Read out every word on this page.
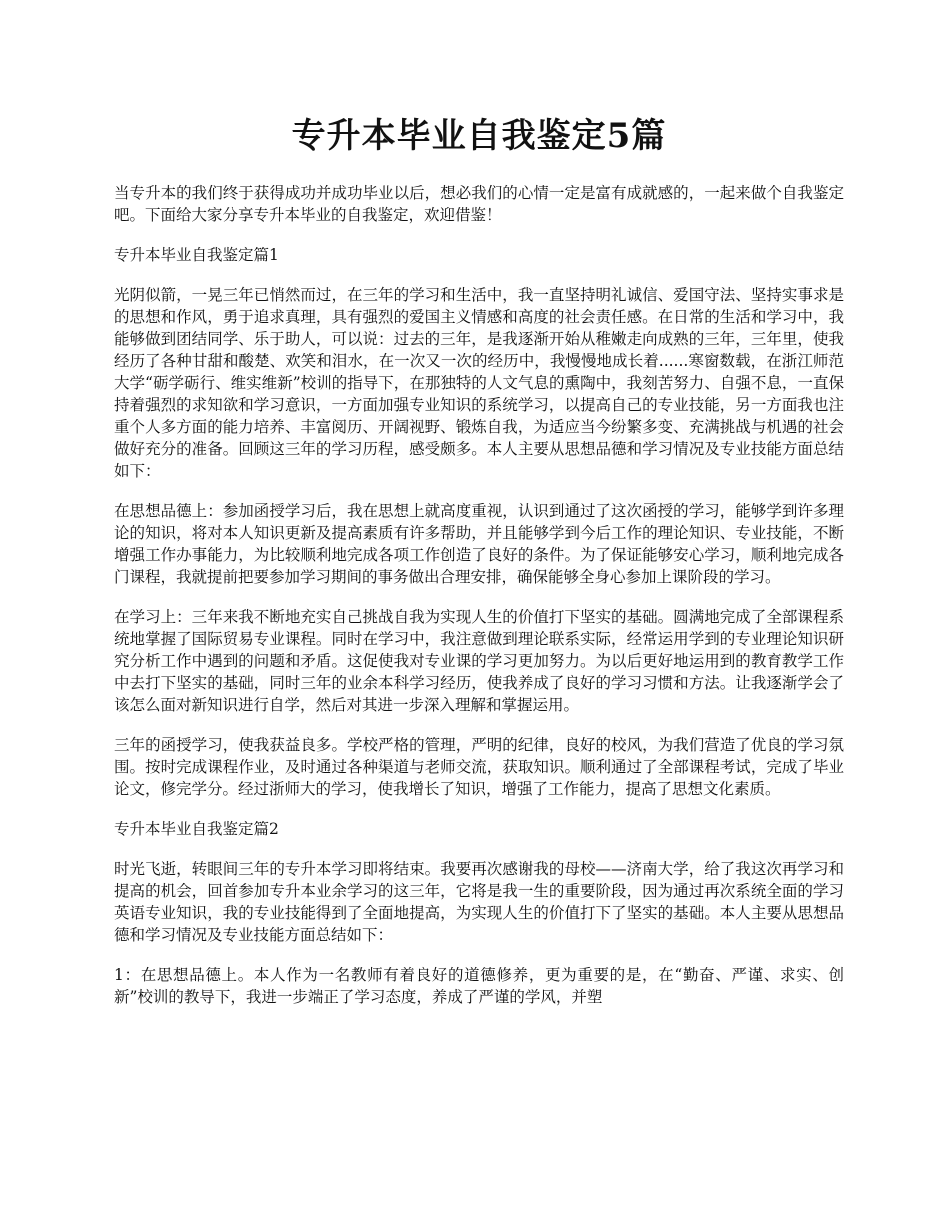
专升本毕业自我鉴定5篇

当专升本的我们终于获得成功并成功毕业以后，想必我们的心情一定是富有成就感的，一起来做个自我鉴定吧。下面给大家分享专升本毕业的自我鉴定，欢迎借鉴！

专升本毕业自我鉴定篇1

光阴似箭，一晃三年已悄然而过，在三年的学习和生活中，我一直坚持明礼诚信、爱国守法、坚持实事求是的思想和作风，勇于追求真理，具有强烈的爱国主义情感和高度的社会责任感。在日常的生活和学习中，我能够做到团结同学、乐于助人，可以说：过去的三年，是我逐渐开始从稚嫩走向成熟的三年，三年里，使我经历了各种甘甜和酸楚、欢笑和泪水，在一次又一次的经历中，我慢慢地成长着......寒窗数载，在浙江师范大学“砺学砺行、维实维新”校训的指导下，在那独特的人文气息的熏陶中，我刻苦努力、自强不息，一直保持着强烈的求知欲和学习意识，一方面加强专业知识的系统学习，以提高自己的专业技能，另一方面我也注重个人多方面的能力培养、丰富阅历、开阔视野、锻炼自我，为适应当今纷繁多变、充满挑战与机遇的社会做好充分的准备。回顾这三年的学习历程，感受颇多。本人主要从思想品德和学习情况及专业技能方面总结如下：

在思想品德上：参加函授学习后，我在思想上就高度重视，认识到通过了这次函授的学习，能够学到许多理论的知识，将对本人知识更新及提高素质有许多帮助，并且能够学到今后工作的理论知识、专业技能，不断增强工作办事能力，为比较顺利地完成各项工作创造了良好的条件。为了保证能够安心学习，顺利地完成各门课程，我就提前把要参加学习期间的事务做出合理安排，确保能够全身心参加上课阶段的学习。

在学习上：三年来我不断地充实自己挑战自我为实现人生的价值打下坚实的基础。圆满地完成了全部课程系统地掌握了国际贸易专业课程。同时在学习中，我注意做到理论联系实际，经常运用学到的专业理论知识研究分析工作中遇到的问题和矛盾。这促使我对专业课的学习更加努力。为以后更好地运用到的教育教学工作中去打下坚实的基础，同时三年的业余本科学习经历，使我养成了良好的学习习惯和方法。让我逐渐学会了该怎么面对新知识进行自学，然后对其进一步深入理解和掌握运用。

三年的函授学习，使我获益良多。学校严格的管理，严明的纪律，良好的校风，为我们营造了优良的学习氛围。按时完成课程作业，及时通过各种渠道与老师交流，获取知识。顺利通过了全部课程考试，完成了毕业论文，修完学分。经过浙师大的学习，使我增长了知识，增强了工作能力，提高了思想文化素质。

专升本毕业自我鉴定篇2

时光飞逝，转眼间三年的专升本学习即将结束。我要再次感谢我的母校——济南大学，给了我这次再学习和提高的机会，回首参加专升本业余学习的这三年，它将是我一生的重要阶段，因为通过再次系统全面的学习英语专业知识，我的专业技能得到了全面地提高，为实现人生的价值打下了坚实的基础。本人主要从思想品德和学习情况及专业技能方面总结如下：

1：在思想品德上。本人作为一名教师有着良好的道德修养，更为重要的是，在“勤奋、严谨、求实、创新”校训的教导下，我进一步端正了学习态度，养成了严谨的学风，并塑
